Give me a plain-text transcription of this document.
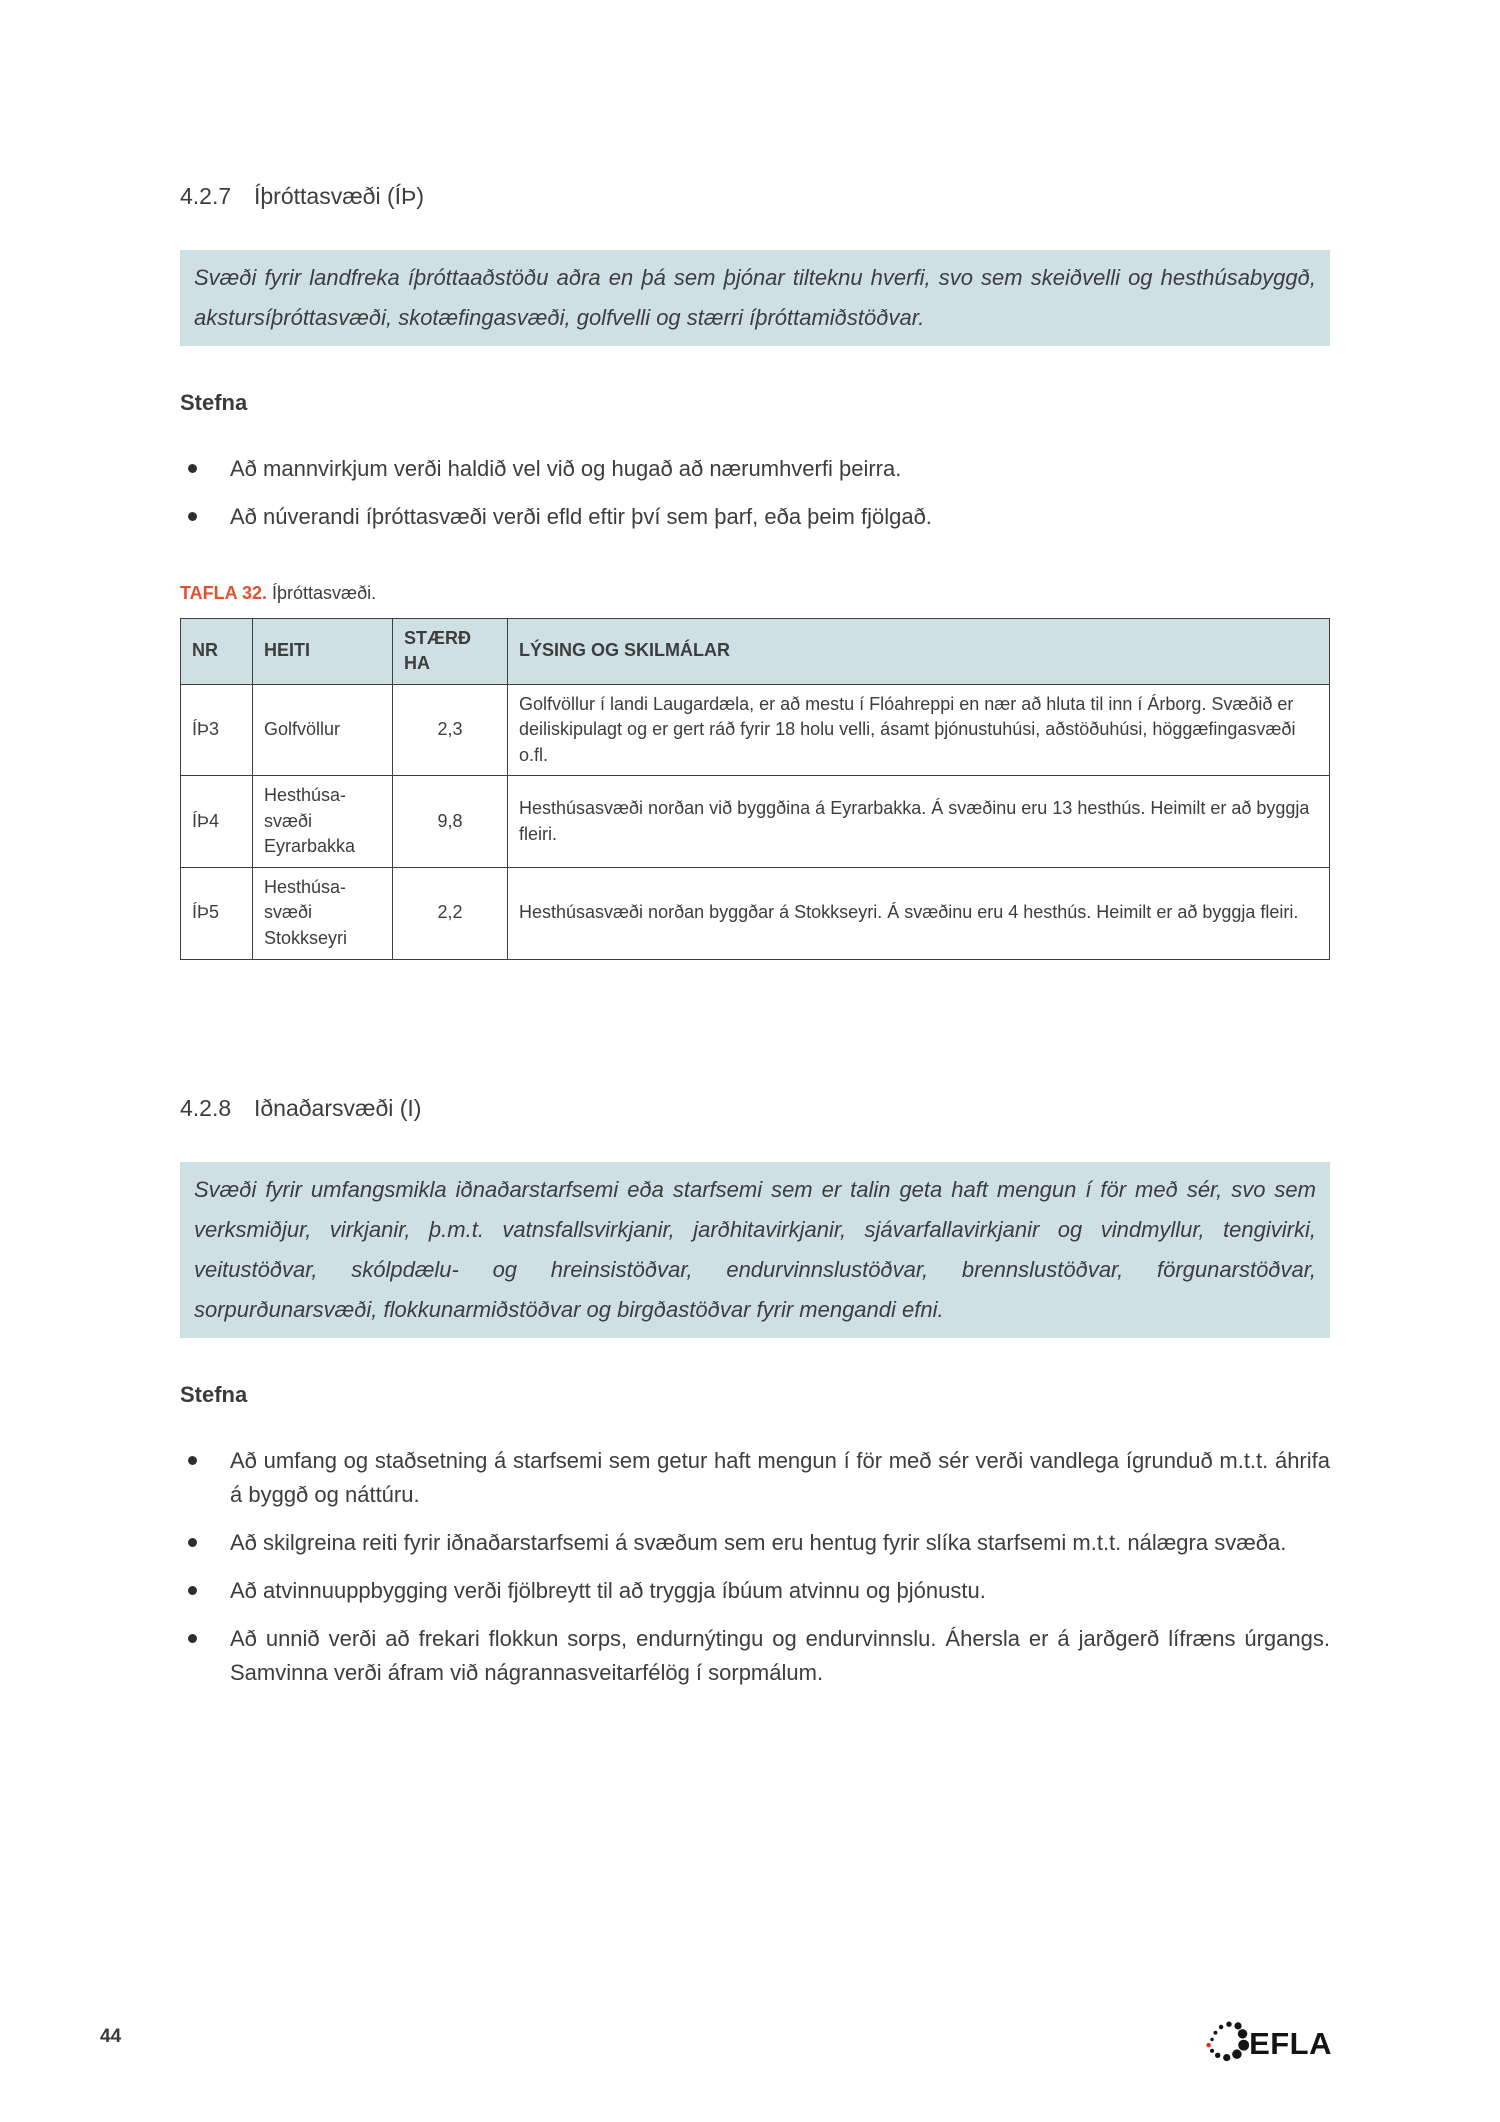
4.2.7 Íþróttasvæði (ÍÞ)
Svæði fyrir landfreka íþróttaaðstöðu aðra en þá sem þjónar tilteknu hverfi, svo sem skeiðvelli og hesthúsabyggð, akstursíþróttasvæði, skotæfingasvæði, golfvelli og stærri íþróttamiðstöðvar.

Stefna

Að mannvirkjum verði haldið vel við og hugað að nærumhverfi þeirra.
Að núverandi íþróttasvæði verði efld eftir því sem þarf, eða þeim fjölgað.

TAFLA 32. Íþróttasvæði.

NR	HEITI	STÆRÐ HA	LÝSING OG SKILMÁLAR
ÍÞ3	Golfvöllur	2,3	Golfvöllur í landi Laugardæla, er að mestu í Flóahreppi en nær að hluta til inn í Árborg. Svæðið er deiliskipulagt og er gert ráð fyrir 18 holu velli, ásamt þjónustuhúsi, aðstöðuhúsi, höggæfingasvæði o.fl.
ÍÞ4	Hesthúsa-svæði Eyrarbakka	9,8	Hesthúsasvæði norðan við byggðina á Eyrarbakka. Á svæðinu eru 13 hesthús. Heimilt er að byggja fleiri.
ÍÞ5	Hesthúsa-svæði Stokkseyri	2,2	Hesthúsasvæði norðan byggðar á Stokkseyri. Á svæðinu eru 4 hesthús. Heimilt er að byggja fleiri.
4.2.8 Iðnaðarsvæði (I)
Svæði fyrir umfangsmikla iðnaðarstarfsemi eða starfsemi sem er talin geta haft mengun í för með sér, svo sem verksmiðjur, virkjanir, þ.m.t. vatnsfallsvirkjanir, jarðhitavirkjanir, sjávarfallavirkjanir og vindmyllur, tengivirki, veitustöðvar, skólpdælu- og hreinsistöðvar, endurvinnslustöðvar, brennslustöðvar, förgunarstöðvar, sorpurðunarsvæði, flokkunarmiðstöðvar og birgðastöðvar fyrir mengandi efni.

Stefna

Að umfang og staðsetning á starfsemi sem getur haft mengun í för með sér verði vandlega ígrunduð m.t.t. áhrifa á byggð og náttúru.
Að skilgreina reiti fyrir iðnaðarstarfsemi á svæðum sem eru hentug fyrir slíka starfsemi m.t.t. nálægra svæða.
Að atvinnuuppbygging verði fjölbreytt til að tryggja íbúum atvinnu og þjónustu.
Að unnið verði að frekari flokkun sorps, endurnýtingu og endurvinnslu. Áhersla er á jarðgerð lífræns úrgangs. Samvinna verði áfram við nágrannasveitarfélög í sorpmálum.
44	EFLA
